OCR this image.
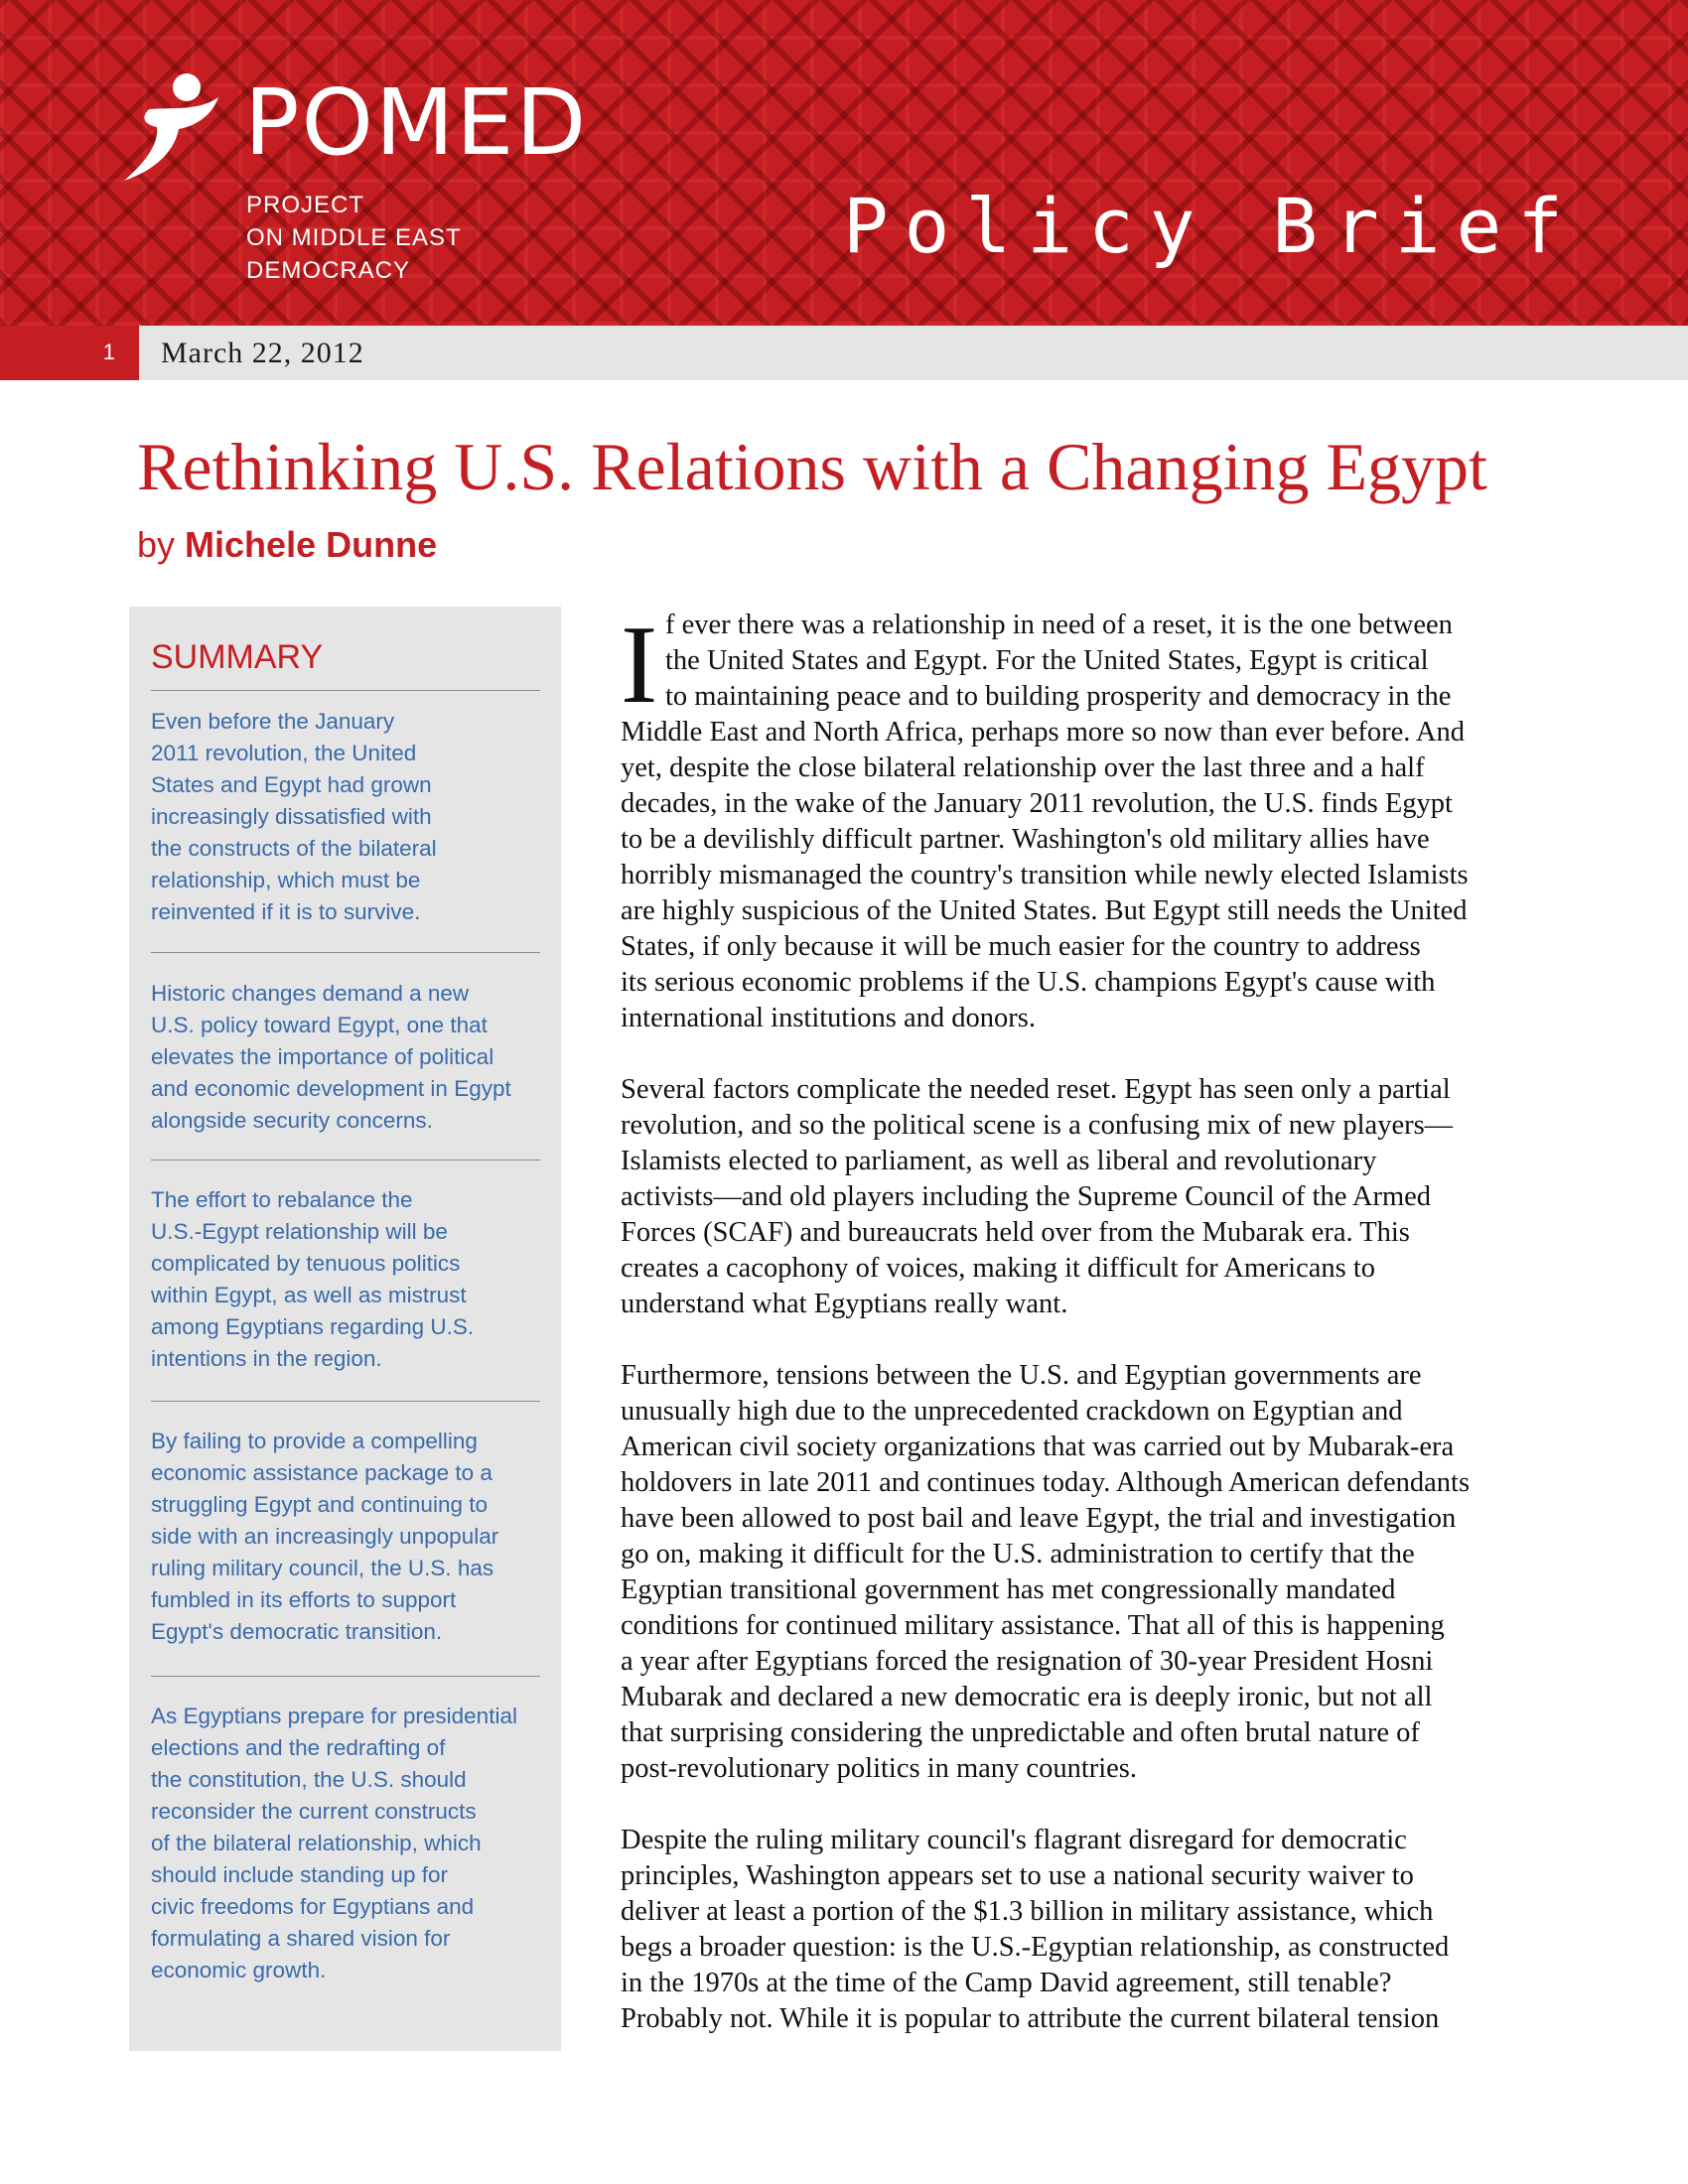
POMED
PROJECT
ON MIDDLE EAST
DEMOCRACY
Policy Brief
1 March 22, 2012
Rethinking U.S. Relations with a Changing Egypt
by Michele Dunne
SUMMARY
Even before the January
2011 revolution, the United
States and Egypt had grown
increasingly dissatisfied with
the constructs of the bilateral
relationship, which must be
reinvented if it is to survive.
Historic changes demand a new
U.S. policy toward Egypt, one that
elevates the importance of political
and economic development in Egypt
alongside security concerns.
The effort to rebalance the
U.S.-Egypt relationship will be
complicated by tenuous politics
within Egypt, as well as mistrust
among Egyptians regarding U.S.
intentions in the region.
By failing to provide a compelling
economic assistance package to a
struggling Egypt and continuing to
side with an increasingly unpopular
ruling military council, the U.S. has
fumbled in its efforts to support
Egypt's democratic transition.
As Egyptians prepare for presidential
elections and the redrafting of
the constitution, the U.S. should
reconsider the current constructs
of the bilateral relationship, which
should include standing up for
civic freedoms for Egyptians and
formulating a shared vision for
economic growth.
I f ever there was a relationship in need of a reset, it is the one between
the United States and Egypt. For the United States, Egypt is critical
to maintaining peace and to building prosperity and democracy in the
Middle East and North Africa, perhaps more so now than ever before. And
yet, despite the close bilateral relationship over the last three and a half
decades, in the wake of the January 2011 revolution, the U.S. finds Egypt
to be a devilishly difficult partner. Washington's old military allies have
horribly mismanaged the country's transition while newly elected Islamists
are highly suspicious of the United States. But Egypt still needs the United
States, if only because it will be much easier for the country to address
its serious economic problems if the U.S. champions Egypt's cause with
international institutions and donors.
Several factors complicate the needed reset. Egypt has seen only a partial
revolution, and so the political scene is a confusing mix of new players—
Islamists elected to parliament, as well as liberal and revolutionary
activists—and old players including the Supreme Council of the Armed
Forces (SCAF) and bureaucrats held over from the Mubarak era. This
creates a cacophony of voices, making it difficult for Americans to
understand what Egyptians really want.
Furthermore, tensions between the U.S. and Egyptian governments are
unusually high due to the unprecedented crackdown on Egyptian and
American civil society organizations that was carried out by Mubarak-era
holdovers in late 2011 and continues today. Although American defendants
have been allowed to post bail and leave Egypt, the trial and investigation
go on, making it difficult for the U.S. administration to certify that the
Egyptian transitional government has met congressionally mandated
conditions for continued military assistance. That all of this is happening
a year after Egyptians forced the resignation of 30-year President Hosni
Mubarak and declared a new democratic era is deeply ironic, but not all
that surprising considering the unpredictable and often brutal nature of
post-revolutionary politics in many countries.
Despite the ruling military council's flagrant disregard for democratic
principles, Washington appears set to use a national security waiver to
deliver at least a portion of the $1.3 billion in military assistance, which
begs a broader question: is the U.S.-Egyptian relationship, as constructed
in the 1970s at the time of the Camp David agreement, still tenable?
Probably not. While it is popular to attribute the current bilateral tension
